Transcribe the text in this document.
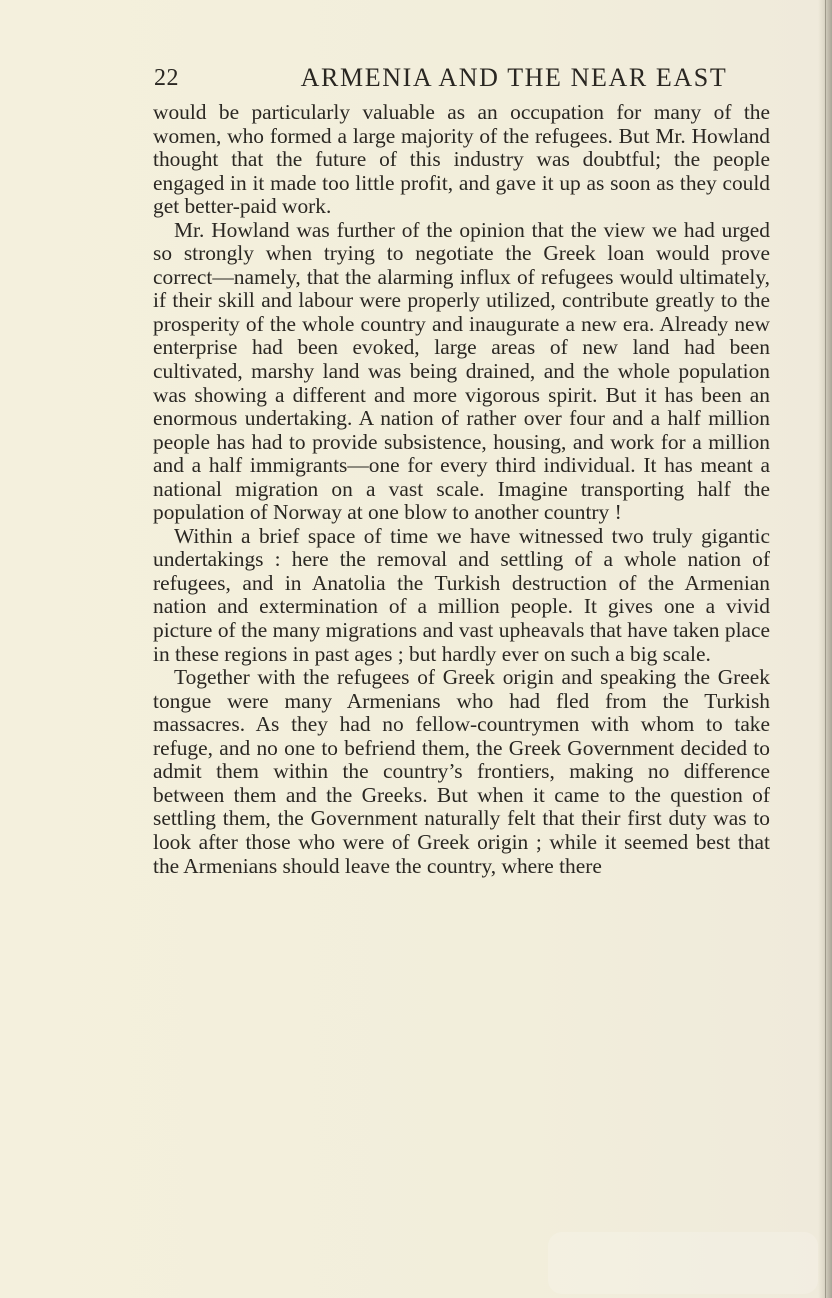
22	ARMENIA AND THE NEAR EAST

would be particularly valuable as an occupation for many of the women, who formed a large majority of the refugees. But Mr. Howland thought that the future of this industry was doubtful; the people engaged in it made too little profit, and gave it up as soon as they could get better-paid work.

Mr. Howland was further of the opinion that the view we had urged so strongly when trying to negotiate the Greek loan would prove correct—namely, that the alarming influx of refugees would ultimately, if their skill and labour were properly utilized, contribute greatly to the prosperity of the whole country and inaugurate a new era. Already new enterprise had been evoked, large areas of new land had been cultivated, marshy land was being drained, and the whole population was showing a different and more vigorous spirit. But it has been an enormous undertaking. A nation of rather over four and a half million people has had to provide subsistence, housing, and work for a million and a half immigrants—one for every third individual. It has meant a national migration on a vast scale. Imagine transporting half the population of Norway at one blow to another country !

Within a brief space of time we have witnessed two truly gigantic undertakings : here the removal and settling of a whole nation of refugees, and in Anatolia the Turkish destruction of the Armenian nation and extermination of a million people. It gives one a vivid picture of the many migrations and vast upheavals that have taken place in these regions in past ages ; but hardly ever on such a big scale.

Together with the refugees of Greek origin and speaking the Greek tongue were many Armenians who had fled from the Turkish massacres. As they had no fellow-countrymen with whom to take refuge, and no one to befriend them, the Greek Government decided to admit them within the country’s frontiers, making no difference between them and the Greeks. But when it came to the question of settling them, the Government naturally felt that their first duty was to look after those who were of Greek origin ; while it seemed best that the Armenians should leave the country, where there
